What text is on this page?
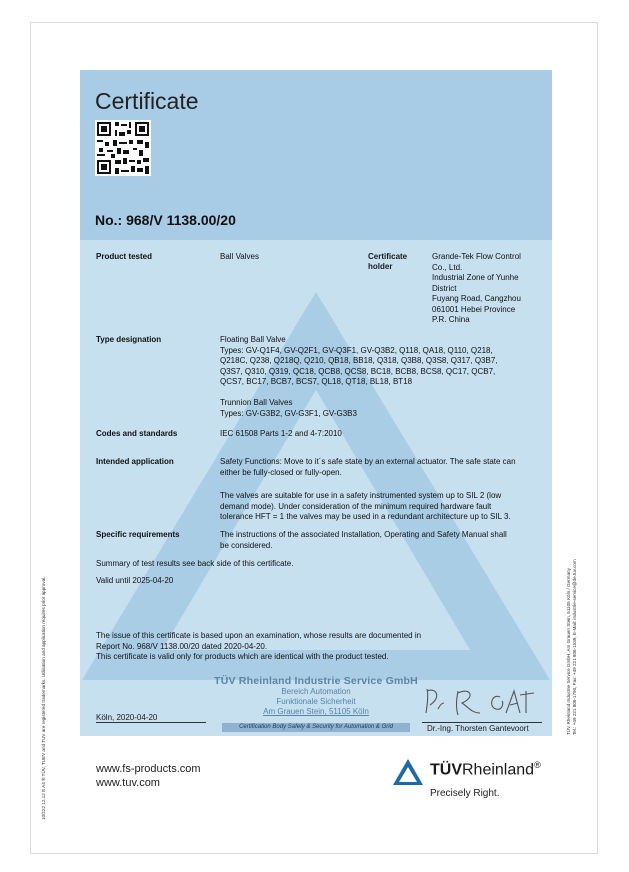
Certificate
No.: 968/V 1138.00/20
Product tested	Ball Valves	Certificate holder
Grande-Tek Flow Control
Co., Ltd.
Industrial Zone of Yunhe
District
Fuyang Road, Cangzhou
061001 Hebei Province
P.R. China
Type designation	Floating Ball Valve
Types: GV-Q1F4, GV-Q2F1, GV-Q3F1, GV-Q3B2, Q118, QA18, Q110, Q218,
Q218C, Q238, Q218Q, Q210, QB18, BB18, Q318, Q3B8, Q3S8, Q317, Q3B7,
Q3S7, Q310, Q319, QC18, QCB8, QCS8, BC18, BCB8, BCS8, QC17, QCB7,
QCS7, BC17, BCB7, BCS7, QL18, QT18, BL18, BT18
Trunnion Ball Valves
Types: GV-G3B2, GV-G3F1, GV-G3B3
Codes and standards	IEC 61508 Parts 1-2 and 4-7:2010
Intended application	Safety Functions: Move to it´s safe state by an external actuator. The safe state can
either be fully-closed or fully-open.
The valves are suitable for use in a safety instrumented system up to SIL 2 (low
demand mode). Under consideration of the minimum required hardware fault
tolerance HFT = 1 the valves may be used in a redundant architecture up to SIL 3.
Specific requirements	The instructions of the associated Installation, Operating and Safety Manual shall
be considered.
Summary of test results see back side of this certificate.
Valid until 2025-04-20
The issue of this certificate is based upon an examination, whose results are documented in
Report No. 968/V 1138.00/20 dated 2020-04-20.
This certificate is valid only for products which are identical with the product tested.
TÜV Rheinland Industrie Service GmbH
Bereich Automation
Funktionale Sicherheit
Am Grauen Stein, 51105 Köln
Certification Body Safety & Security for Automation & Grid	Dr.-Ing. Thorsten Gantevoort
Köln, 2020-04-20
www.fs-products.com
www.tuv.com
TÜVRheinland®
Precisely Right.
10/222 12.12 E A4 ® TÜV, TUEV and TUV are registered trademarks. Utilisation and application requires prior approval.	TÜV Rheinland Industrie Service GmbH, Am Grauen Stein, 51105 Köln / Germany Tel.: +49 221 806-1790, Fax: +49 221 806-1539, E-Mail: industrie-service@de.tuv.com
